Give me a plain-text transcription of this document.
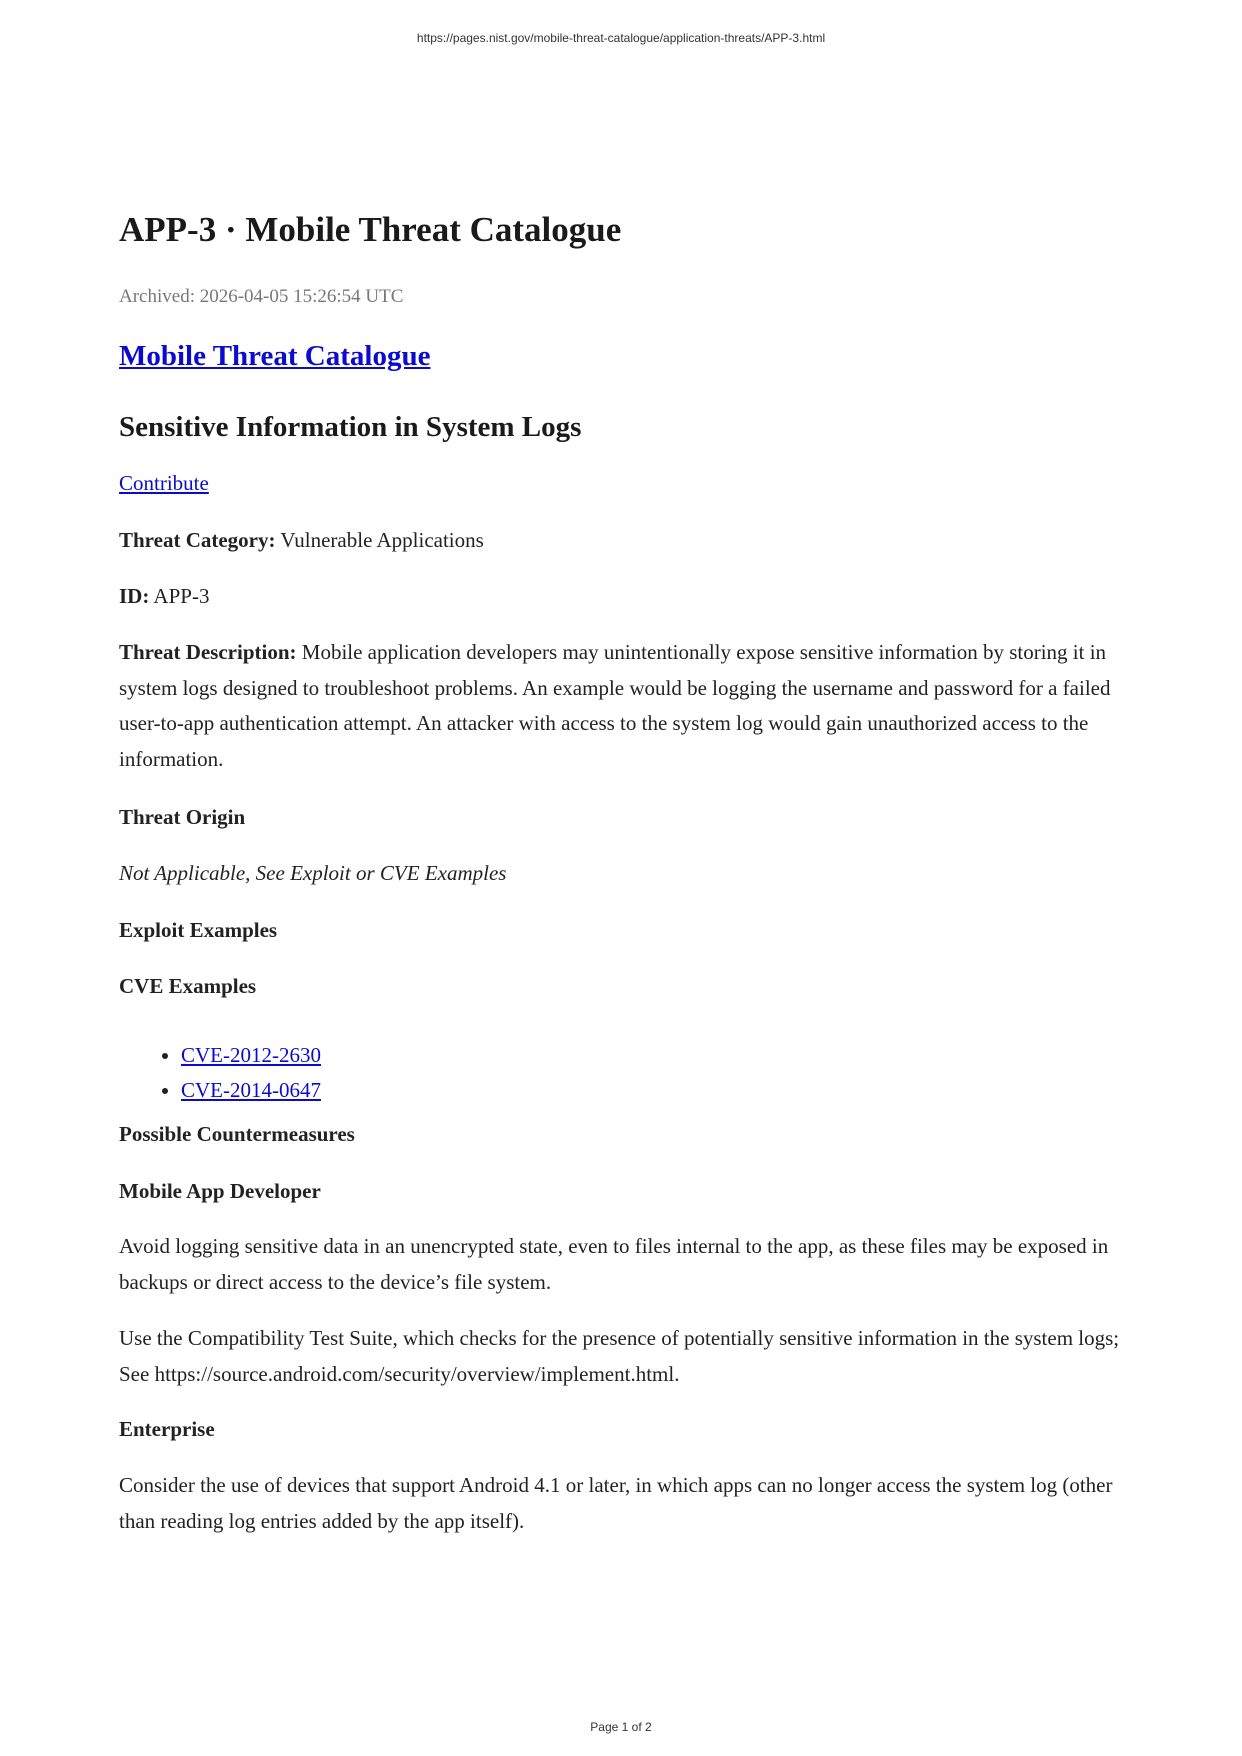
https://pages.nist.gov/mobile-threat-catalogue/application-threats/APP-3.html
APP-3 · Mobile Threat Catalogue

Archived: 2026-04-05 15:26:54 UTC

Mobile Threat Catalogue
Sensitive Information in System Logs

Contribute

Threat Category: Vulnerable Applications

ID: APP-3

Threat Description: Mobile application developers may unintentionally expose sensitive information by storing it in system logs designed to troubleshoot problems. An example would be logging the username and password for a failed user-to-app authentication attempt. An attacker with access to the system log would gain unauthorized access to the information.

Threat Origin

Not Applicable, See Exploit or CVE Examples

Exploit Examples

CVE Examples

• CVE-2012-2630
• CVE-2014-0647

Possible Countermeasures

Mobile App Developer

Avoid logging sensitive data in an unencrypted state, even to files internal to the app, as these files may be exposed in backups or direct access to the device’s file system.

Use the Compatibility Test Suite, which checks for the presence of potentially sensitive information in the system logs; See https://source.android.com/security/overview/implement.html.

Enterprise

Consider the use of devices that support Android 4.1 or later, in which apps can no longer access the system log (other than reading log entries added by the app itself).

Page 1 of 2
